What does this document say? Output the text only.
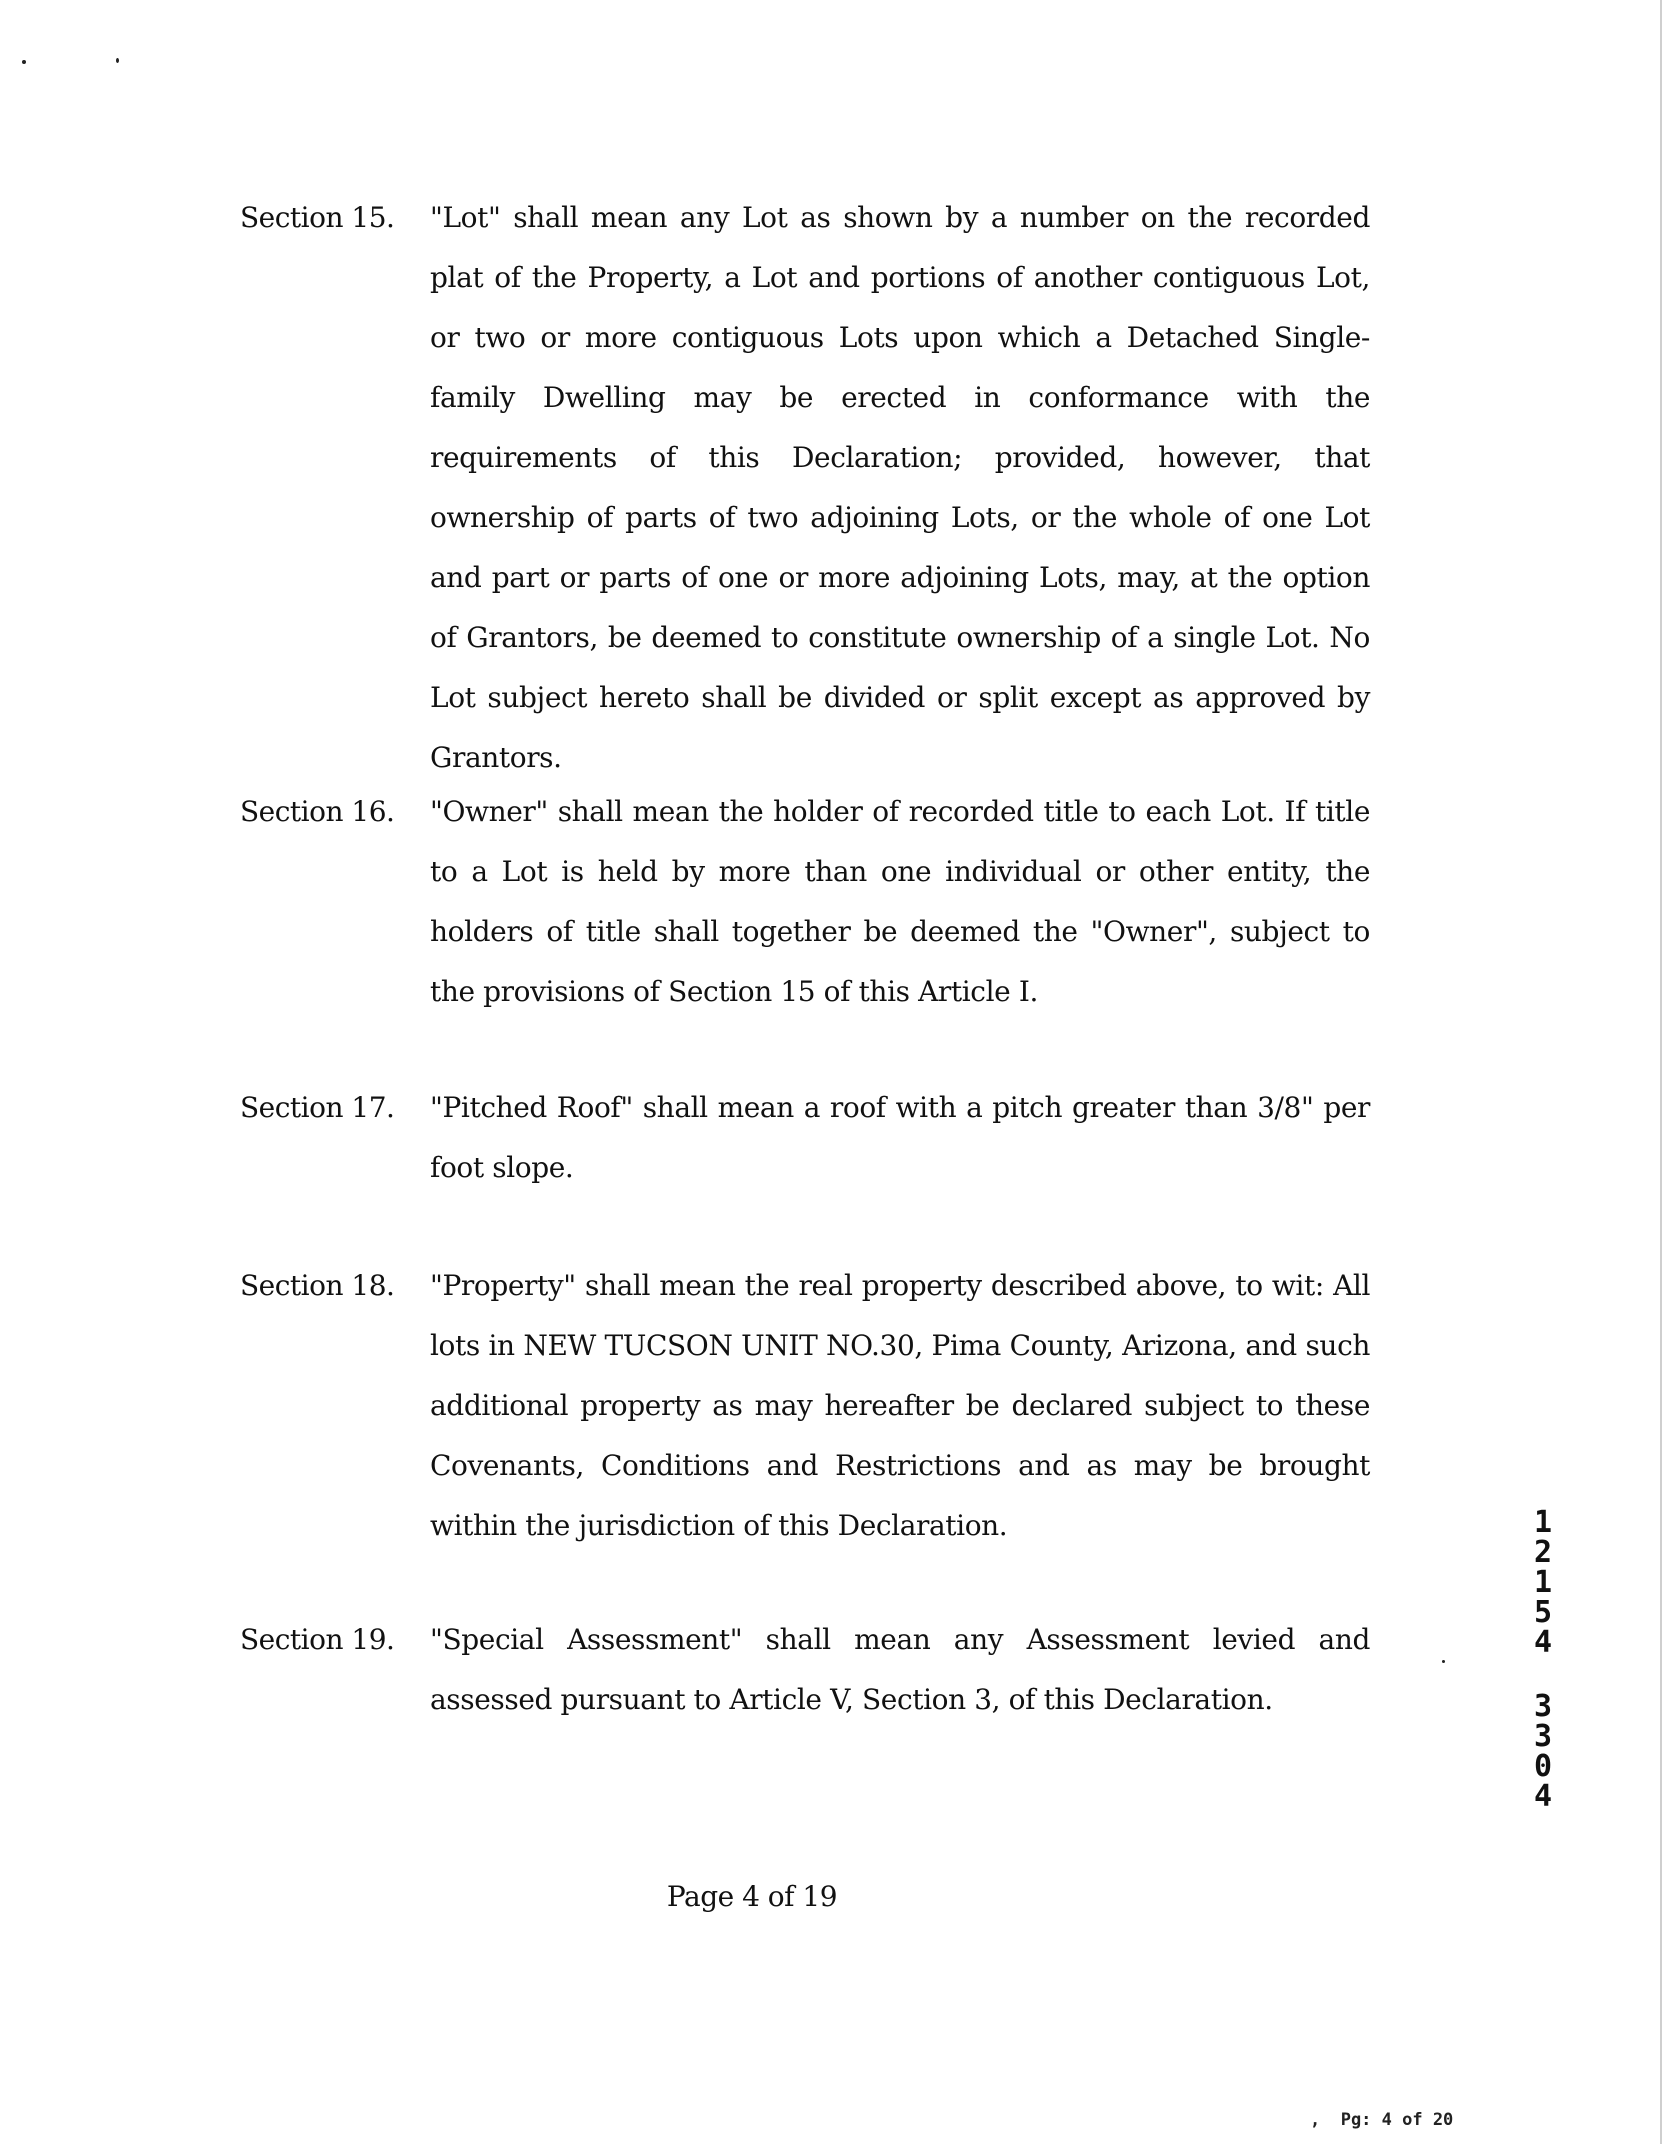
Section 15.	"Lot" shall mean any Lot as shown by a number on the recorded plat of the Property, a Lot and portions of another contiguous Lot, or two or more contiguous Lots upon which a Detached Single-family Dwelling may be erected in conformance with the requirements of this Declaration; provided, however, that ownership of parts of two adjoining Lots, or the whole of one Lot and part or parts of one or more adjoining Lots, may, at the option of Grantors, be deemed to constitute ownership of a single Lot. No Lot subject hereto shall be divided or split except as approved by Grantors.
Section 16.	"Owner" shall mean the holder of recorded title to each Lot. If title to a Lot is held by more than one individual or other entity, the holders of title shall together be deemed the "Owner", subject to the provisions of Section 15 of this Article I.
Section 17.	"Pitched Roof" shall mean a roof with a pitch greater than 3/8" per foot slope.
Section 18.	"Property" shall mean the real property described above, to wit: All lots in NEW TUCSON UNIT NO.30, Pima County, Arizona, and such additional property as may hereafter be declared subject to these Covenants, Conditions and Restrictions and as may be brought within the jurisdiction of this Declaration.
Section 19.	"Special Assessment" shall mean any Assessment levied and assessed pursuant to Article V, Section 3, of this Declaration.
Page 4 of 19
1
2
1
5
4
3
3
0
4
,  Pg: 4 of 20
